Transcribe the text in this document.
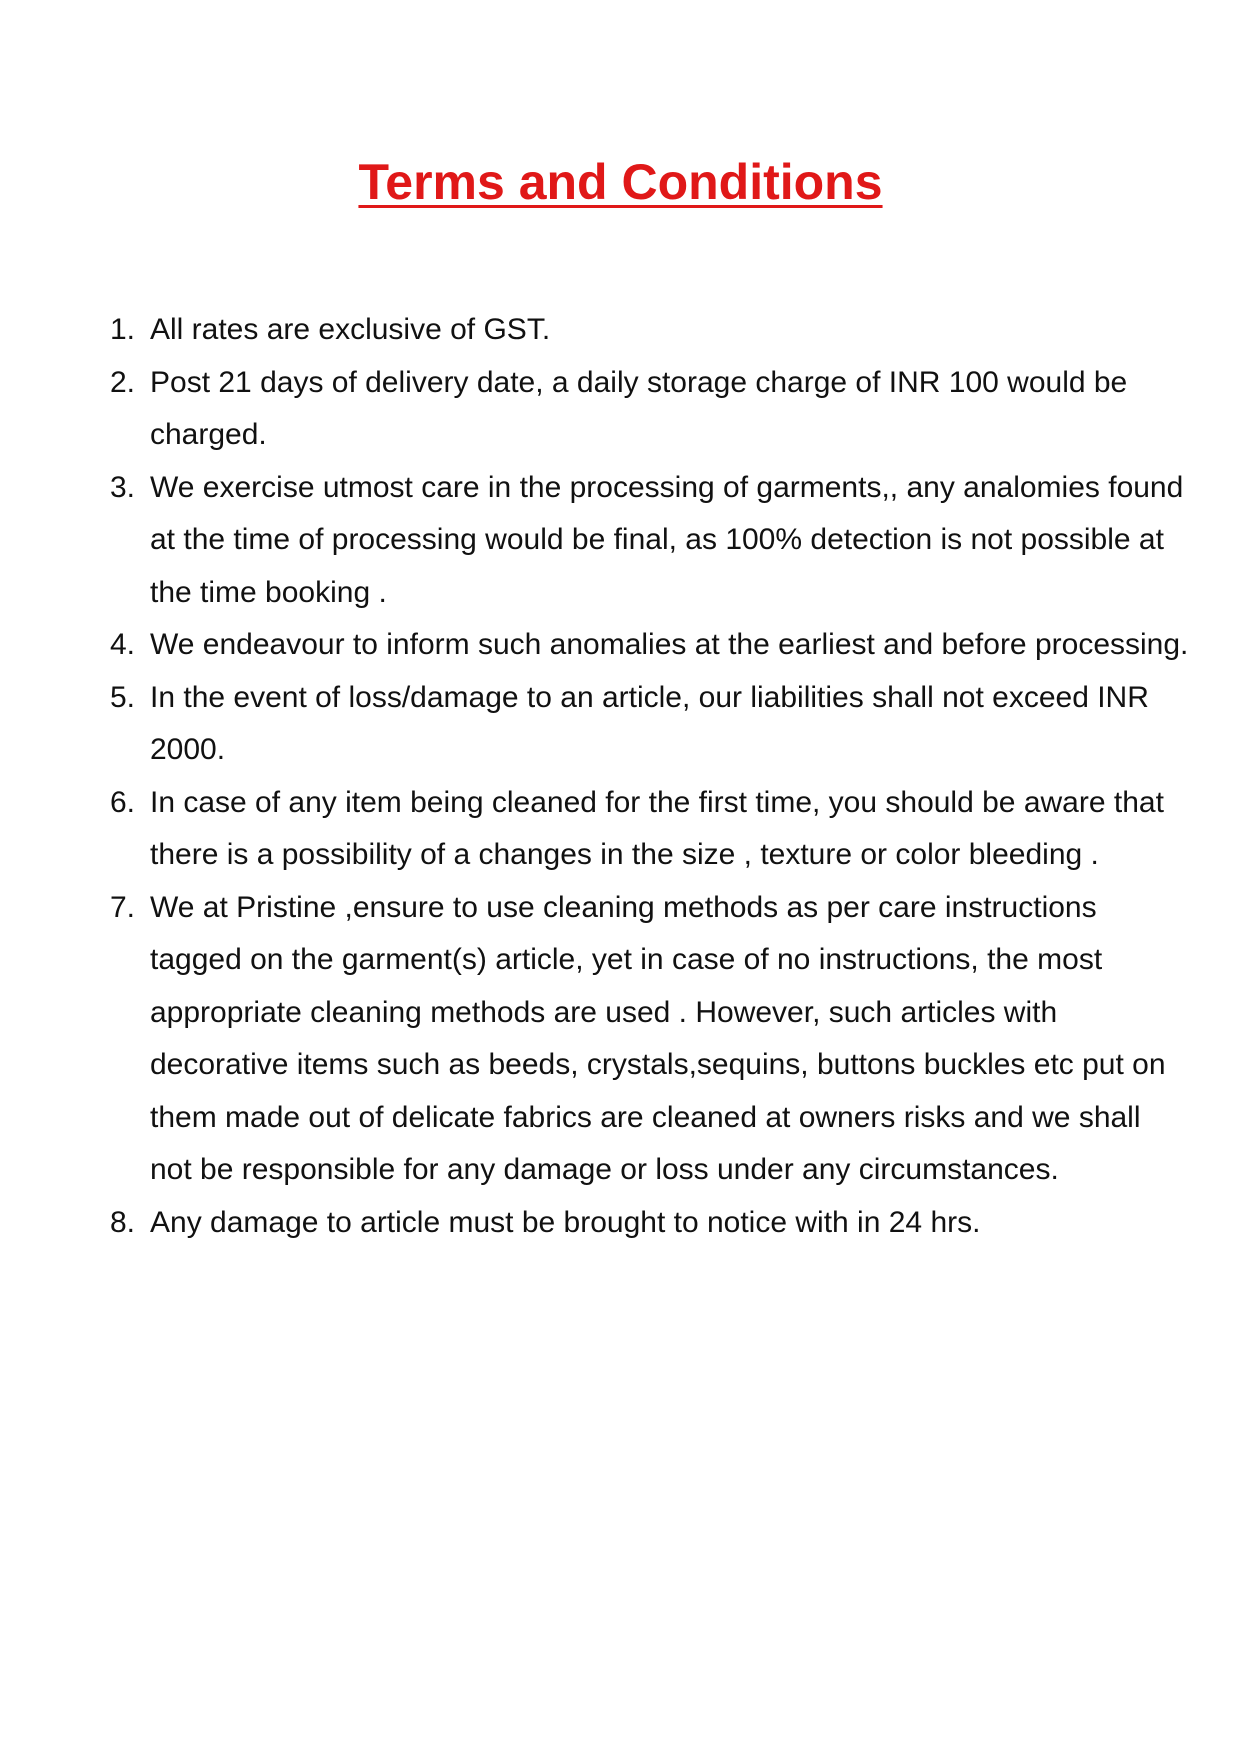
Terms and Conditions
1. All rates are exclusive of GST.
2. Post 21 days of delivery date, a daily storage charge of INR 100 would be charged.
3. We exercise utmost care in the processing of garments,, any analomies found at the time of processing would be final, as 100% detection is not possible at the time booking .
4. We endeavour to inform such anomalies at the earliest and before processing.
5. In the event of loss/damage to an article, our liabilities shall not exceed INR 2000.
6. In case of any item being cleaned for the first time, you should be aware that there is a possibility of a changes in the size , texture or color bleeding .
7. We at Pristine ,ensure to use cleaning methods as per care instructions tagged on the garment(s) article, yet in case of no instructions, the most appropriate cleaning methods are used . However, such articles with decorative items such as beeds, crystals,sequins, buttons buckles etc put on them made out of delicate fabrics are cleaned at owners risks and we shall not be responsible for any damage or loss under any circumstances.
8. Any damage to article must be brought to notice with in 24 hrs.
